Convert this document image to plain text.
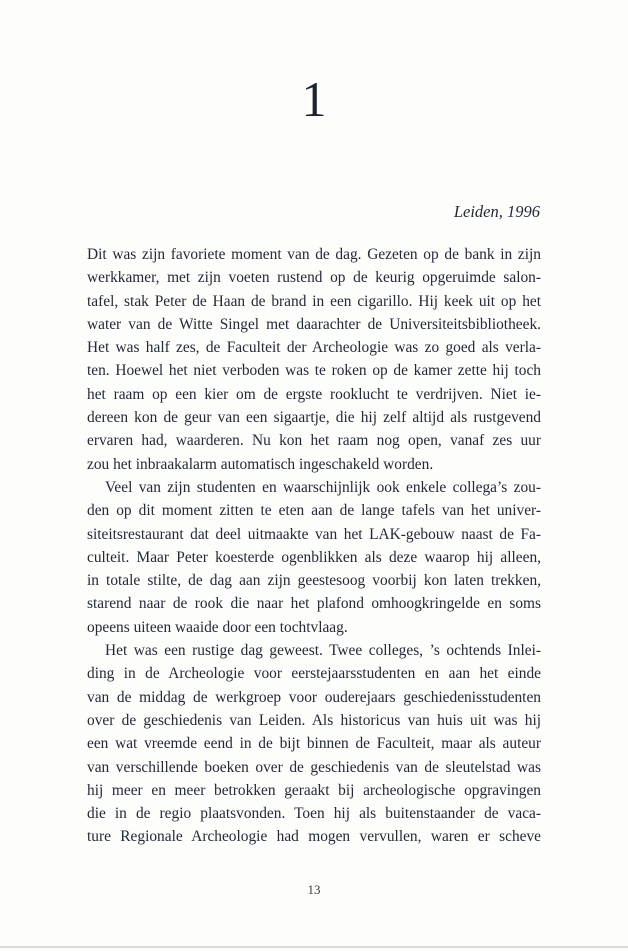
1
Leiden, 1996
Dit was zijn favoriete moment van de dag. Gezeten op de bank in zijn
werkkamer, met zijn voeten rustend op de keurig opgeruimde salon-
tafel, stak Peter de Haan de brand in een cigarillo. Hij keek uit op het
water van de Witte Singel met daarachter de Universiteitsbibliotheek.
Het was half zes, de Faculteit der Archeologie was zo goed als verla-
ten. Hoewel het niet verboden was te roken op de kamer zette hij toch
het raam op een kier om de ergste rooklucht te verdrijven. Niet ie-
dereen kon de geur van een sigaartje, die hij zelf altijd als rustgevend
ervaren had, waarderen. Nu kon het raam nog open, vanaf zes uur
zou het inbraakalarm automatisch ingeschakeld worden.
Veel van zijn studenten en waarschijnlijk ook enkele collega’s zou-
den op dit moment zitten te eten aan de lange tafels van het univer-
siteitsrestaurant dat deel uitmaakte van het LAK-gebouw naast de Fa-
culteit. Maar Peter koesterde ogenblikken als deze waarop hij alleen,
in totale stilte, de dag aan zijn geestesoog voorbij kon laten trekken,
starend naar de rook die naar het plafond omhoogkringelde en soms
opeens uiteen waaide door een tochtvlaag.
Het was een rustige dag geweest. Twee colleges, ’s ochtends Inlei-
ding in de Archeologie voor eerstejaarsstudenten en aan het einde
van de middag de werkgroep voor ouderejaars geschiedenisstudenten
over de geschiedenis van Leiden. Als historicus van huis uit was hij
een wat vreemde eend in de bijt binnen de Faculteit, maar als auteur
van verschillende boeken over de geschiedenis van de sleutelstad was
hij meer en meer betrokken geraakt bij archeologische opgravingen
die in de regio plaatsvonden. Toen hij als buitenstaander de vaca-
ture Regionale Archeologie had mogen vervullen, waren er scheve
13
